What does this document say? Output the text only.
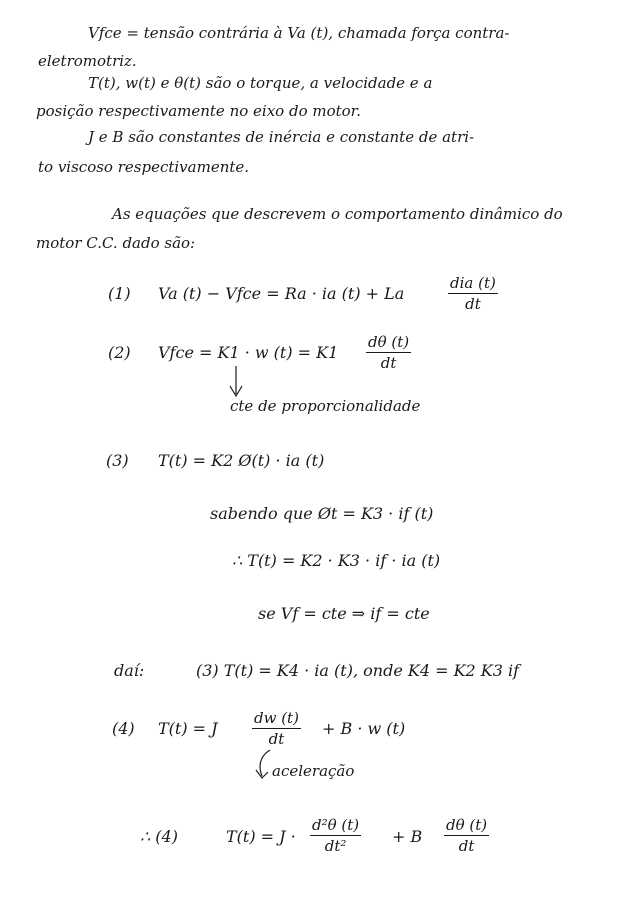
Vfce = tensão contrária à Va (t), chamada força contra-
eletromotriz.
T(t), w(t) e θ(t) são o torque, a velocidade e a
posição respectivamente no eixo do motor.
J e B são constantes de inércia e constante de atri-
to viscoso respectivamente.
As equações que descrevem o comportamento dinâmico do
motor C.C. dado são:
(1) Va (t) − Vfce = Ra · ia (t) + La
dia (t)
dt
(2) Vfce = K1 · w (t) = K1
dθ (t)
dt
cte de proporcionalidade
(3) T(t) = K2 Ø(t) · ia (t)
sabendo que Øt = K3 · if (t)
∴ T(t) = K2 · K3 · if · ia (t)
se Vf = cte ⇒ if = cte
daí:	(3) T(t) = K4 · ia (t), onde K4 = K2 K3 if
(4) T(t) = J
dw (t)
dt
+ B · w (t)
aceleração
∴ (4)	T(t) = J ·
d²θ (t)
dt²	+ B
dθ (t)
dt
